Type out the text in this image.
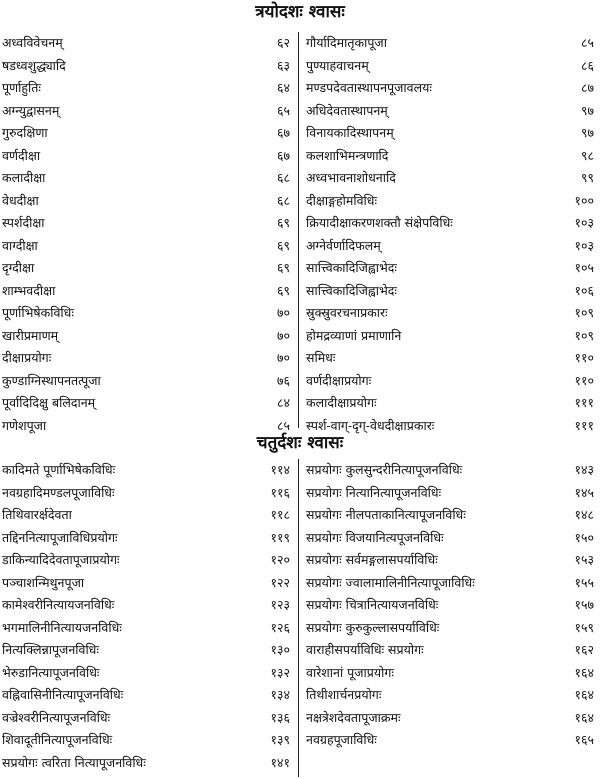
त्रयोदशः श्वासः
अध्वविवेचनम्	६२
षडध्वशुद्ध्यादि	६३
पूर्णाहुतिः	६४
अग्न्युद्वासनम्	६५
गुरुदक्षिणा	६७
वर्णदीक्षा	६७
कलादीक्षा	६८
वेधदीक्षा	६८
स्पर्शदीक्षा	६९
वाग्दीक्षा	६९
दृग्दीक्षा	६९
शाम्भवदीक्षा	६९
पूर्णाभिषेकविधिः	७०
खारीप्रमाणम्	७०
दीक्षाप्रयोगः	७०
कुण्डाग्निस्थापनतत्पूजा	७६
पूर्वादिदिक्षु बलिदानम्	८४
गणेशपूजा	८५
गौर्यादिमातृकापूजा	८५
पुण्याहवाचनम्	८६
मण्डपदेवतास्थापनपूजावलयः	८७
अधिदेवतास्थापनम्	९७
विनायकादिस्थापनम्	९७
कलशाभिमन्त्रणादि	९८
अध्वभावनाशोधनादि	९९
दीक्षाङ्गहोमविधिः	१००
क्रियादीक्षाकरणशक्तौ संक्षेपविधिः	१०३
अग्नेर्वर्णादिफलम्	१०३
सात्त्विकादिजिह्वाभेदः	१०५
सात्त्विकादिजिह्वाभेदः	१०६
स्रुक्स्रुवरचनाप्रकारः	१०९
होमद्रव्याणां प्रमाणानि	१०९
समिधः	११०
वर्णदीक्षाप्रयोगः	११०
कलादीक्षाप्रयोगः	१११
स्पर्श-वाग्-दृग्-वेधदीक्षाप्रकारः	१११
चतुर्दशः श्वासः
कादिमते पूर्णाभिषेकविधिः	११४
नवग्रहादिमण्डलपूजाविधिः	११६
तिथिवारर्क्षदेवता	११८
तद्दिननित्यापूजाविधिप्रयोगः	११९
डाकिन्यादिदेवतापूजाप्रयोगः	१२०
पञ्चाशन्मिथुनपूजा	१२२
कामेश्वरीनित्यायजनविधिः	१२३
भगमालिनीनित्यायजनविधिः	१२६
नित्यक्लिन्नापूजनविधिः	१३०
भेरुडानित्यापूजनविधिः	१३२
वह्निवासिनीनित्यापूजनविधिः	१३४
वज्रेश्वरीनित्यापूजनविधिः	१३६
शिवादूतीनित्यापूजनविधिः	१३९
सप्रयोगः त्वरिता नित्यापूजनविधिः	१४१
सप्रयोगः कुलसुन्दरीनित्यापूजनविधिः	१४३
सप्रयोगः नित्यानित्यापूजनविधिः	१४५
सप्रयोगः नीलपताकानित्यापूजनविधिः	१४८
सप्रयोगः विजयानित्यपूजनविधिः	१५०
सप्रयोगः सर्वमङ्गलासपर्याविधिः	१५३
सप्रयोगः ज्वालामालिनीनित्यापूजाविधिः	१५५
सप्रयोगः चित्रानित्यायजनविधिः	१५७
सप्रयोगः कुरुकुल्लासपर्याविधिः	१५९
वाराहीसपर्याविधिः सप्रयोगः	१६२
वारेशानां पूजाप्रयोगः	१६४
तिथीशार्चनप्रयोगः	१६४
नक्षत्रेशदेवतापूजाक्रमः	१६४
नवग्रहपूजाविधिः	१६५
